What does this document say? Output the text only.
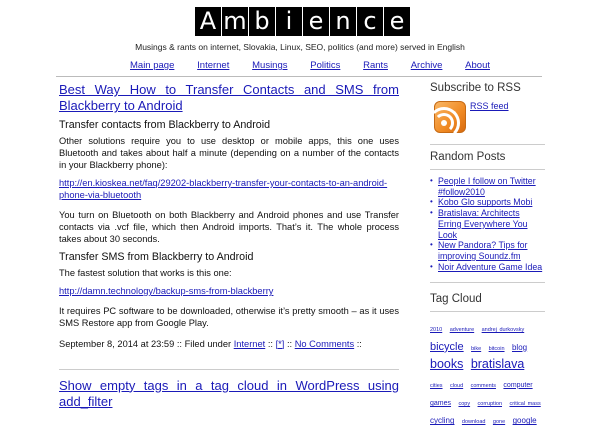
A m b i e n c e
Musings & rants on internet, Slovakia, Linux, SEO, politics (and more) served in English
Main page Internet Musings Politics Rants Archive About
Best Way How to Transfer Contacts and SMS from Blackberry to Android
Transfer contacts from Blackberry to Android
Other solutions require you to use desktop or mobile apps, this one uses Bluetooth and takes about half a minute (depending on a number of the contacts in your Blackberry phone):
http://en.kioskea.net/faq/29202-blackberry-transfer-your-contacts-to-an-android-phone-via-bluetooth
You turn on Bluetooth on both Blackberry and Android phones and use Transfer contacts via .vcf file, which then Android imports. That’s it. The whole process takes about 30 seconds.
Transfer SMS from Blackberry to Android
The fastest solution that works is this one:
http://damn.technology/backup-sms-from-blackberry
It requires PC software to be downloaded, otherwise it’s pretty smooth – as it uses SMS Restore app from Google Play.
September 8, 2014 at 23:59 :: Filed under Internet :: [*] :: No Comments ::
Show empty tags in a tag cloud in WordPress using add_filter
Subscribe to RSS
RSS feed
Random Posts
• People I follow on Twitter #follow2010
• Kobo Glo supports Mobi
• Bratislava: Architects Erring Everywhere You Look
• New Pandora? Tips for improving Soundz.fm
• Noir Adventure Game Idea
Tag Cloud
2010 adventure andrej durkovsky bicycle bike bitcoin blog books bratislava cities cloud comments computer games copy corruption critical mass cycling download gone google
